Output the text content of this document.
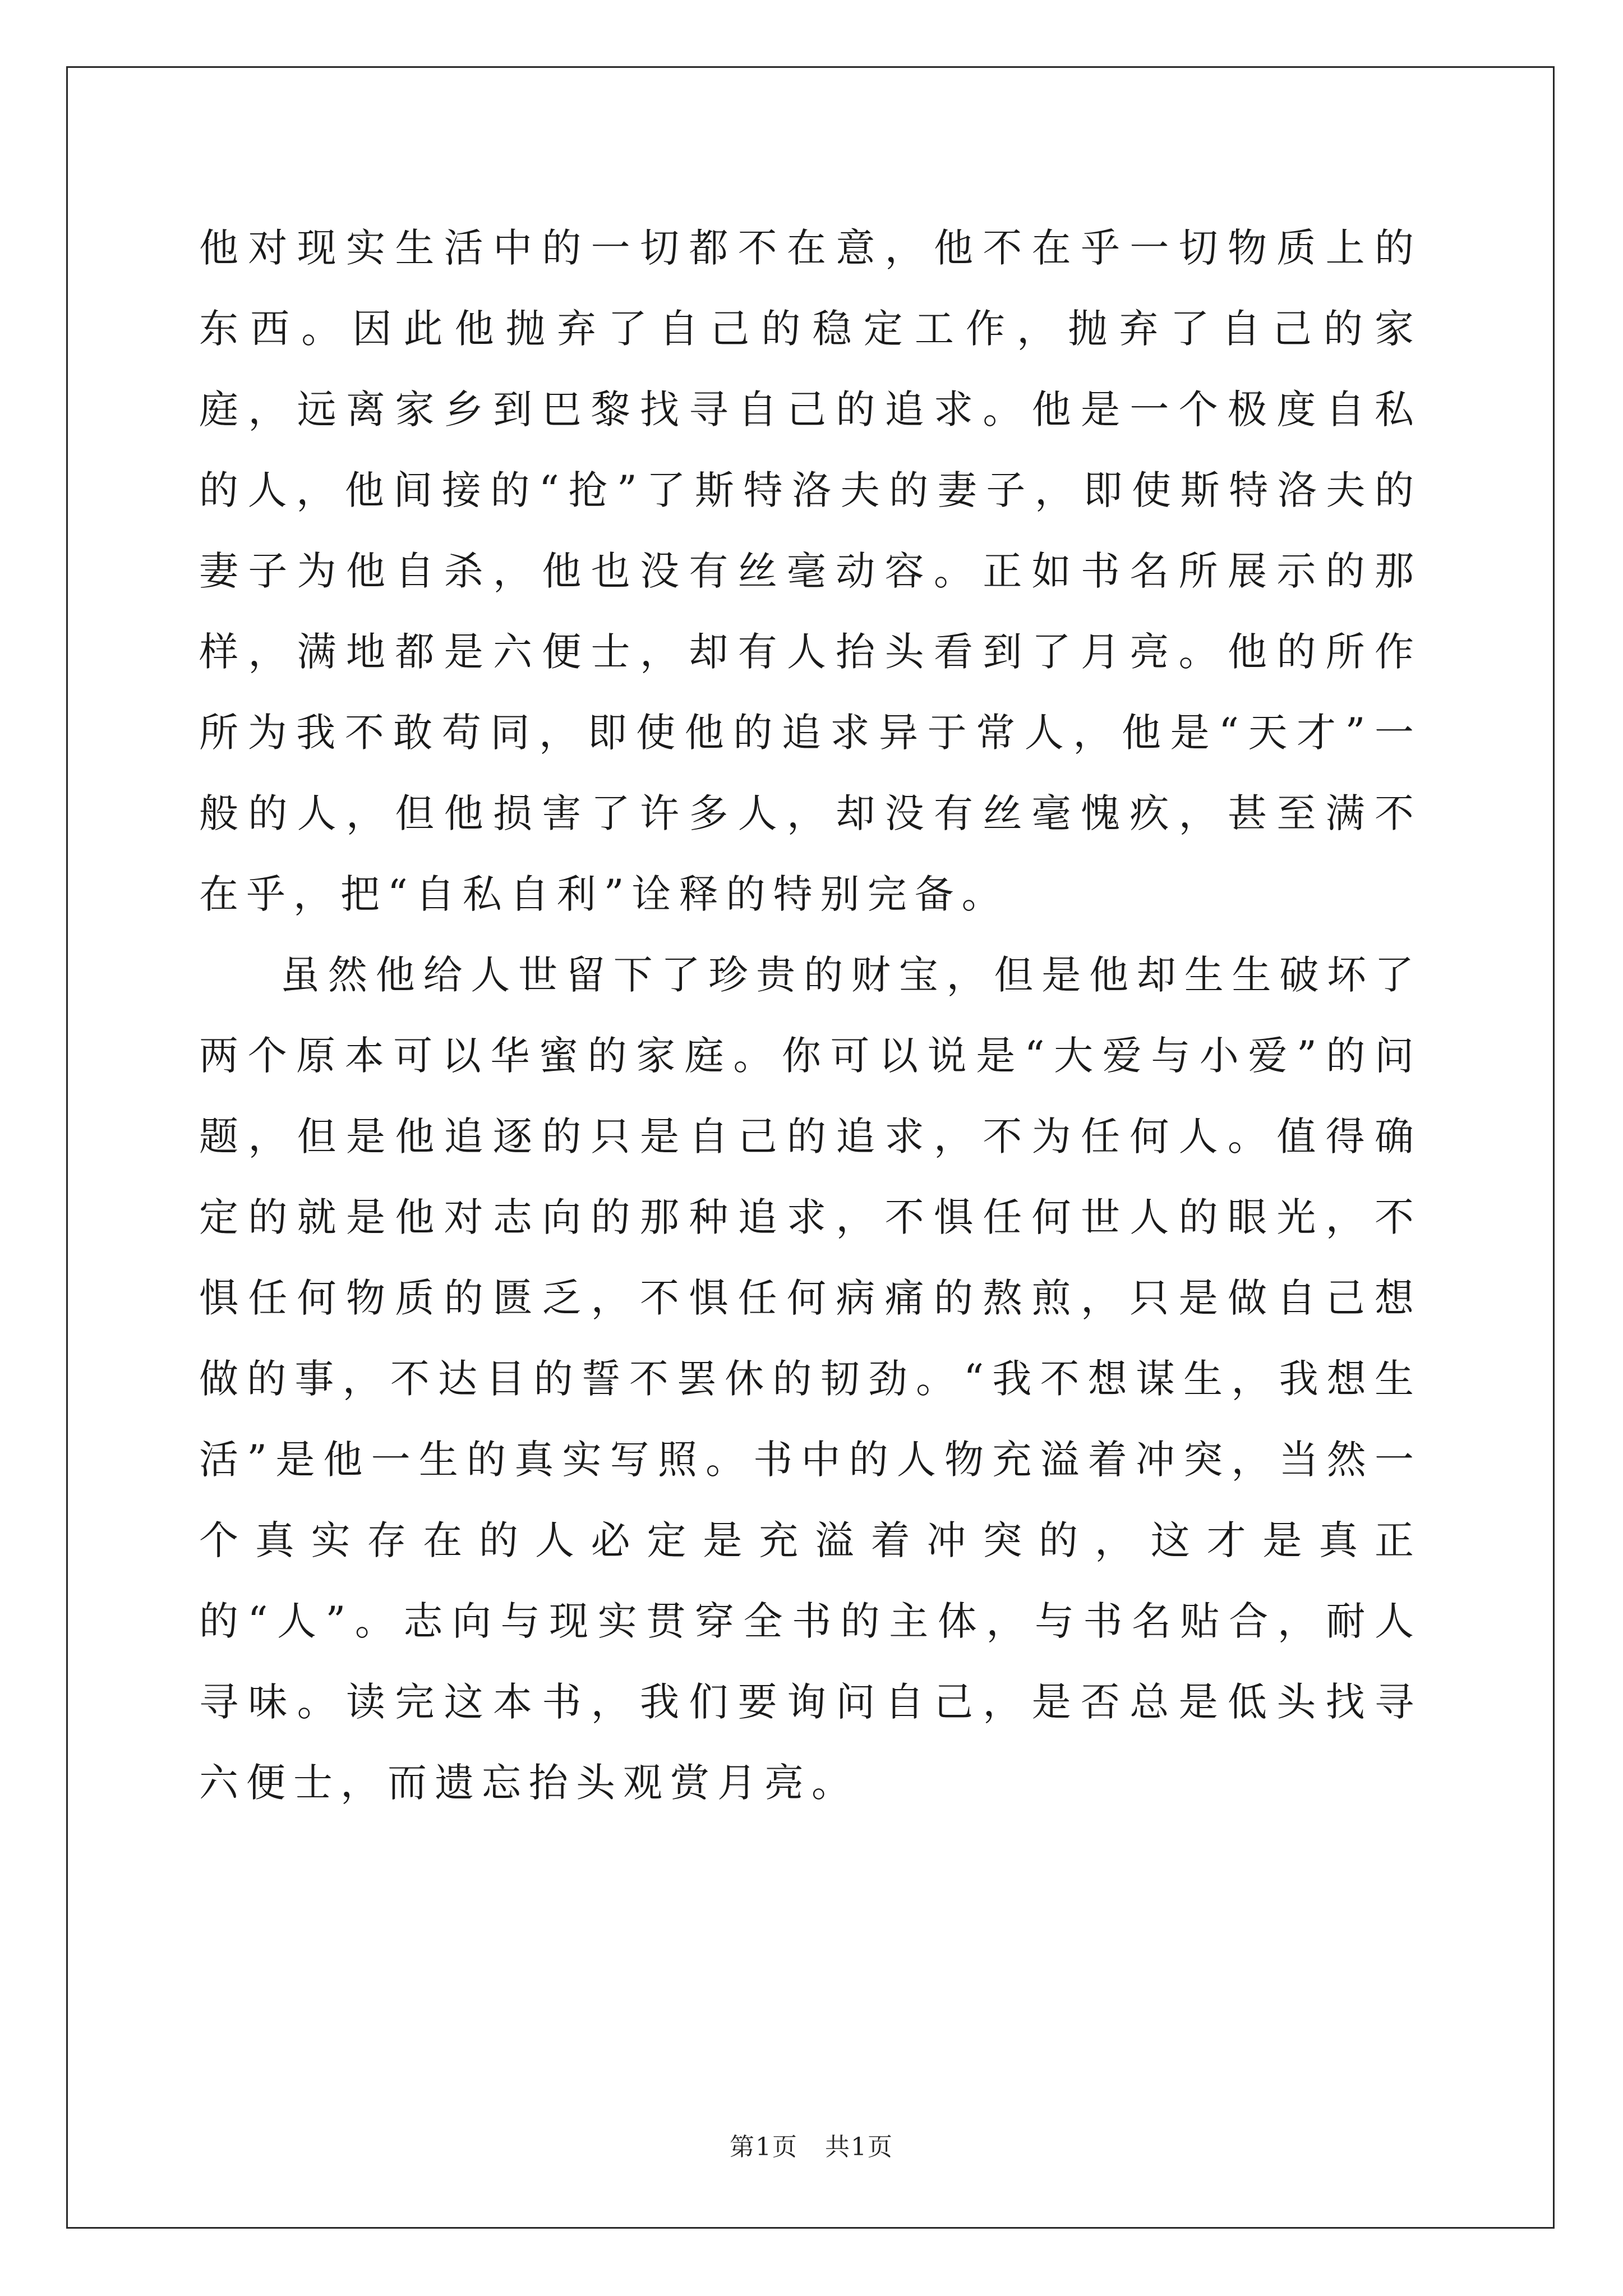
他对现实生活中的一切都不在意，他不在乎一切物质上的东西。因此他抛弃了自己的稳定工作，抛弃了自己的家庭，远离家乡到巴黎找寻自己的追求。他是一个极度自私的人，他间接的“抢”了斯特洛夫的妻子，即使斯特洛夫的妻子为他自杀，他也没有丝毫动容。正如书名所展示的那样，满地都是六便士，却有人抬头看到了月亮。他的所作所为我不敢苟同，即使他的追求异于常人，他是“天才”一般的人，但他损害了许多人，却没有丝毫愧疚，甚至满不在乎，把“自私自利”诠释的特别完备。

虽然他给人世留下了珍贵的财宝，但是他却生生破坏了两个原本可以华蜜的家庭。你可以说是“大爱与小爱”的问题，但是他追逐的只是自己的追求，不为任何人。值得确定的就是他对志向的那种追求，不惧任何世人的眼光，不惧任何物质的匮乏，不惧任何病痛的熬煎，只是做自己想做的事，不达目的誓不罢休的韧劲。“我不想谋生，我想生活”是他一生的真实写照。书中的人物充溢着冲突，当然一个真实存在的人必定是充溢着冲突的，这才是真正的“人”。志向与现实贯穿全书的主体，与书名贴合，耐人寻味。读完这本书，我们要询问自己，是否总是低头找寻六便士，而遗忘抬头观赏月亮。

第1页   共1页
